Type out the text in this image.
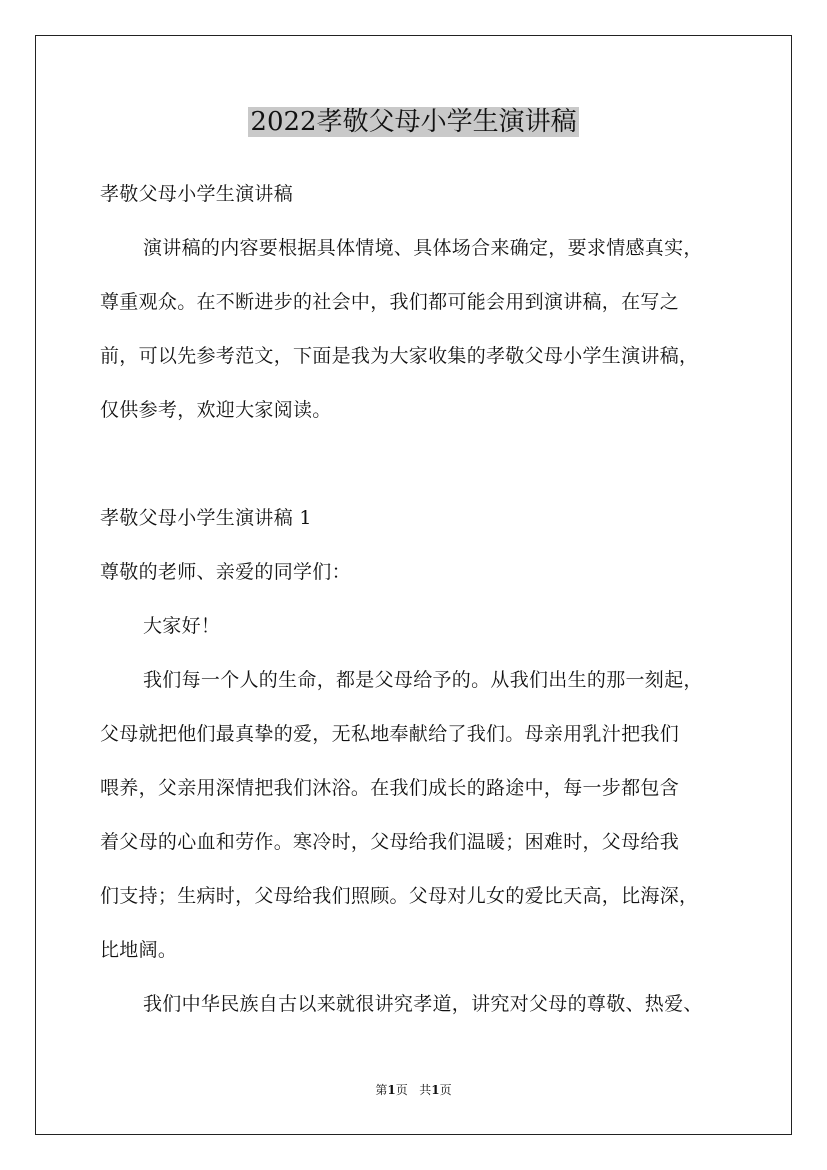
2022孝敬父母小学生演讲稿
孝敬父母小学生演讲稿
演讲稿的内容要根据具体情境、具体场合来确定，要求情感真实，
尊重观众。在不断进步的社会中，我们都可能会用到演讲稿，在写之
前，可以先参考范文，下面是我为大家收集的孝敬父母小学生演讲稿，
仅供参考，欢迎大家阅读。
孝敬父母小学生演讲稿 1
尊敬的老师、亲爱的同学们：
大家好！
我们每一个人的生命，都是父母给予的。从我们出生的那一刻起，
父母就把他们最真挚的爱，无私地奉献给了我们。母亲用乳汁把我们
喂养，父亲用深情把我们沐浴。在我们成长的路途中，每一步都包含
着父母的心血和劳作。寒冷时，父母给我们温暖；困难时，父母给我
们支持；生病时，父母给我们照顾。父母对儿女的爱比天高，比海深，
比地阔。
我们中华民族自古以来就很讲究孝道，讲究对父母的尊敬、热爱、
第1页 共1页
